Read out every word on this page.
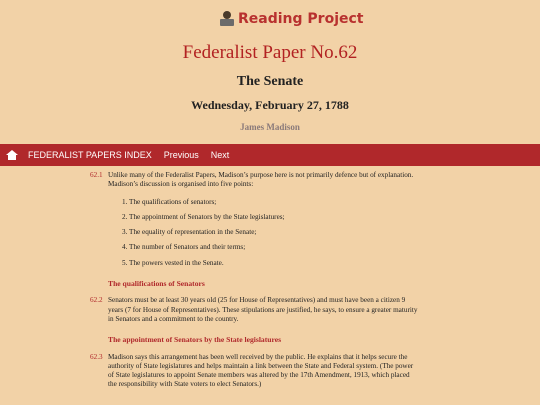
Reading Project
Federalist Paper No.62
The Senate
Wednesday, February 27, 1788
James Madison
FEDERALIST PAPERS INDEX Previous Next
62.1 Unlike many of the Federalist Papers, Madison’s purpose here is not primarily defence but of explanation. Madison’s discussion is organised into five points:
1. The qualifications of senators;
2. The appointment of Senators by the State legislatures;
3. The equality of representation in the Senate;
4. The number of Senators and their terms;
5. The powers vested in the Senate.
The qualifications of Senators
62.2 Senators must be at least 30 years old (25 for House of Representatives) and must have been a citizen 9 years (7 for House of Representatives). These stipulations are justified, he says, to ensure a greater maturity in Senators and a commitment to the country.
The appointment of Senators by the State legislatures
62.3 Madison says this arrangement has been well received by the public. He explains that it helps secure the authority of State legislatures and helps maintain a link between the State and Federal system. (The power of State legislatures to appoint Senate members was altered by the 17th Amendment, 1913, which placed the responsibility with State voters to elect Senators.)
